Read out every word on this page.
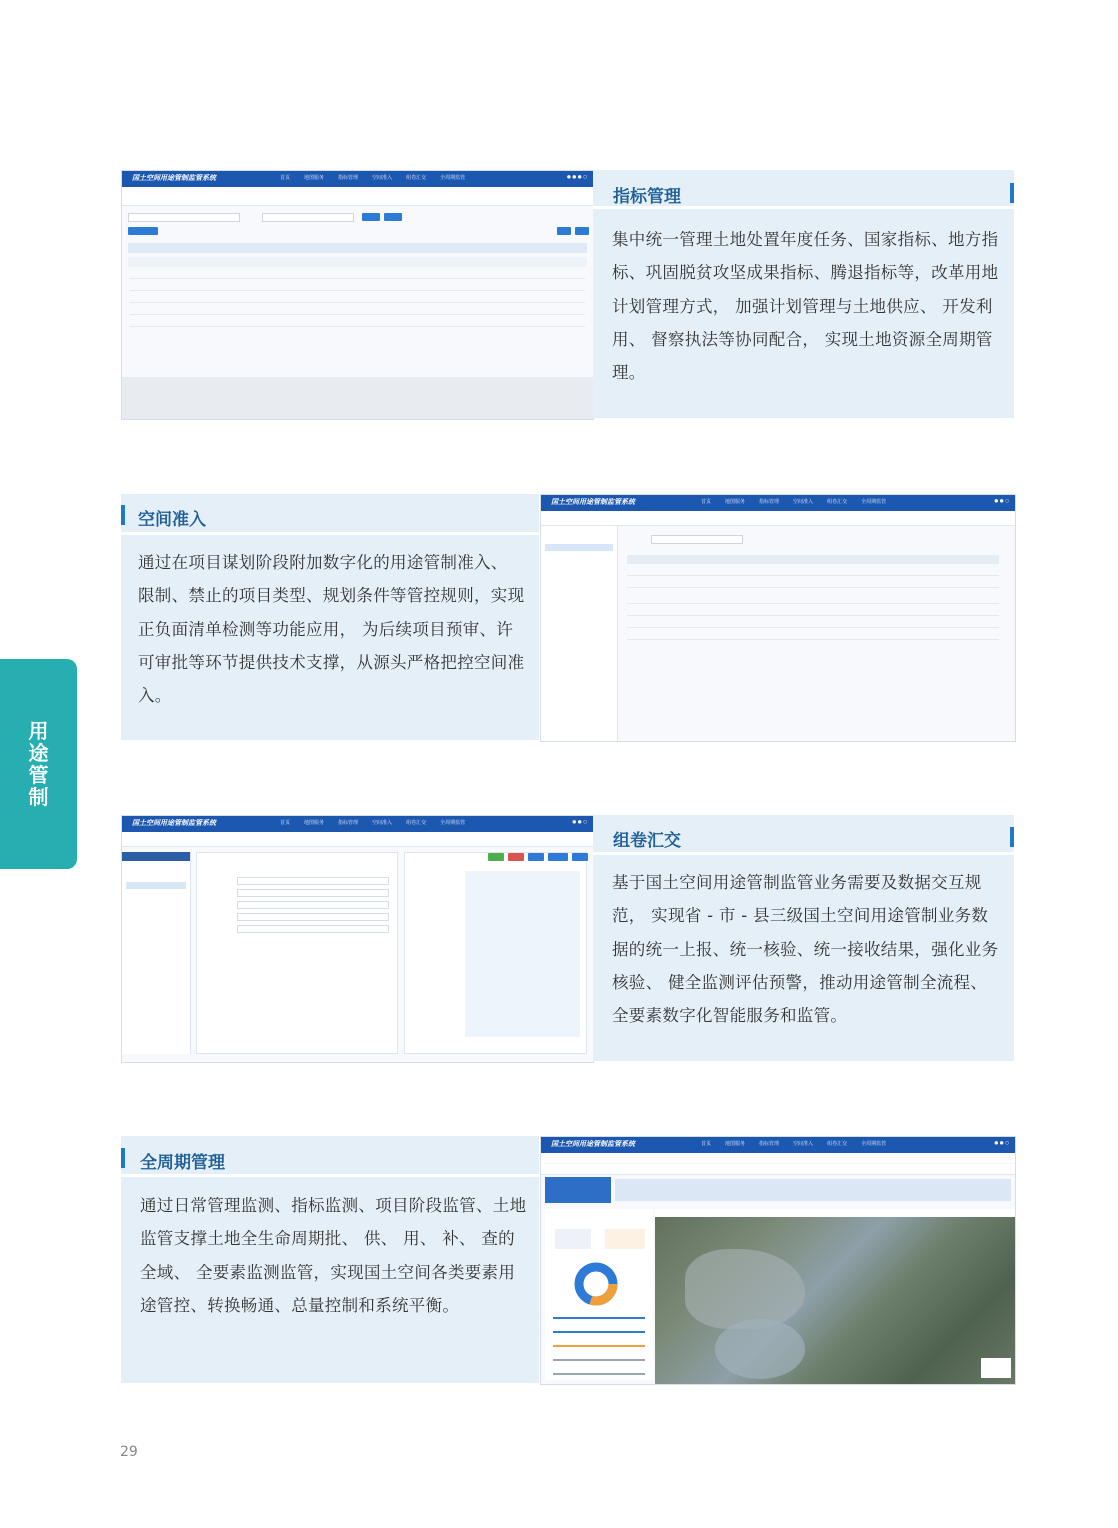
用途管制
国土空间用途管制监管系统	首页	地图服务	指标管理	空间准入	组卷汇交	全周期监管	● ● ● ○
指标管理
集中统一管理土地处置年度任务、国家指标、地方指标、巩固脱贫攻坚成果指标、腾退指标等，改革用地计划管理方式， 加强计划管理与土地供应、 开发利用、 督察执法等协同配合， 实现土地资源全周期管理。
空间准入
通过在项目谋划阶段附加数字化的用途管制准入、 限制、禁止的项目类型、规划条件等管控规则，实现正负面清单检测等功能应用， 为后续项目预审、许可审批等环节提供技术支撑，从源头严格把控空间准入。
国土空间用途管制监管系统	首页	地图服务	指标管理	空间准入	组卷汇交	全周期监管	● ● ○
国土空间用途管制监管系统	首页	地图服务	指标管理	空间准入	组卷汇交	全周期监管	● ● ○
组卷汇交
基于国土空间用途管制监管业务需要及数据交互规范， 实现省 - 市 - 县三级国土空间用途管制业务数据的统一上报、统一核验、统一接收结果，强化业务核验、 健全监测评估预警，推动用途管制全流程、全要素数字化智能服务和监管。
全周期管理
通过日常管理监测、指标监测、项目阶段监管、土地监管支撑土地全生命周期批、 供、 用、 补、 查的全域、 全要素监测监管，实现国土空间各类要素用途管控、转换畅通、总量控制和系统平衡。
国土空间用途管制监管系统	首页	地图服务	指标管理	空间准入	组卷汇交	全周期监管	● ● ○
29
